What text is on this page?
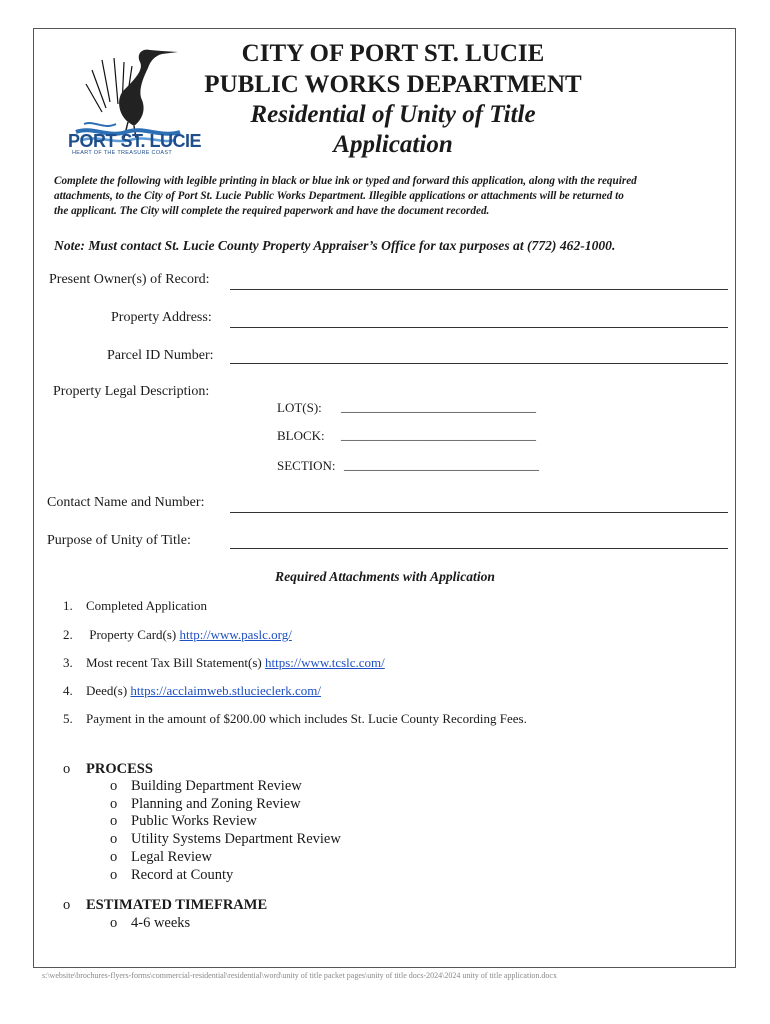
PORT ST. LUCIE
HEART OF THE TREASURE COAST
CITY OF PORT ST. LUCIE
PUBLIC WORKS DEPARTMENT
Residential of Unity of Title
Application
Complete the following with legible printing in black or blue ink or typed and forward this application, along with the required
attachments, to the City of Port St. Lucie Public Works Department. Illegible applications or attachments will be returned to
the applicant. The City will complete the required paperwork and have the document recorded.
Note: Must contact St. Lucie County Property Appraiser’s Office for tax purposes at (772) 462-1000.
Present Owner(s) of Record:
Property Address:
Parcel ID Number:
Property Legal Description:
LOT(S): ______________________________
BLOCK: ______________________________
SECTION: ______________________________
Contact Name and Number:
Purpose of Unity of Title:
Required Attachments with Application
1. Completed Application
2. Property Card(s) http://www.paslc.org/
3. Most recent Tax Bill Statement(s) https://www.tcslc.com/
4. Deed(s) https://acclaimweb.stlucieclerk.com/
5. Payment in the amount of $200.00 which includes St. Lucie County Recording Fees.
o PROCESS
o Building Department Review
o Planning and Zoning Review
o Public Works Review
o Utility Systems Department Review
o Legal Review
o Record at County
o ESTIMATED TIMEFRAME
o 4-6 weeks
s:\website\brochures-flyers-forms\commercial-residential\residential\word\unity of title packet pages\unity of title docs-2024\2024 unity of title application.docx
